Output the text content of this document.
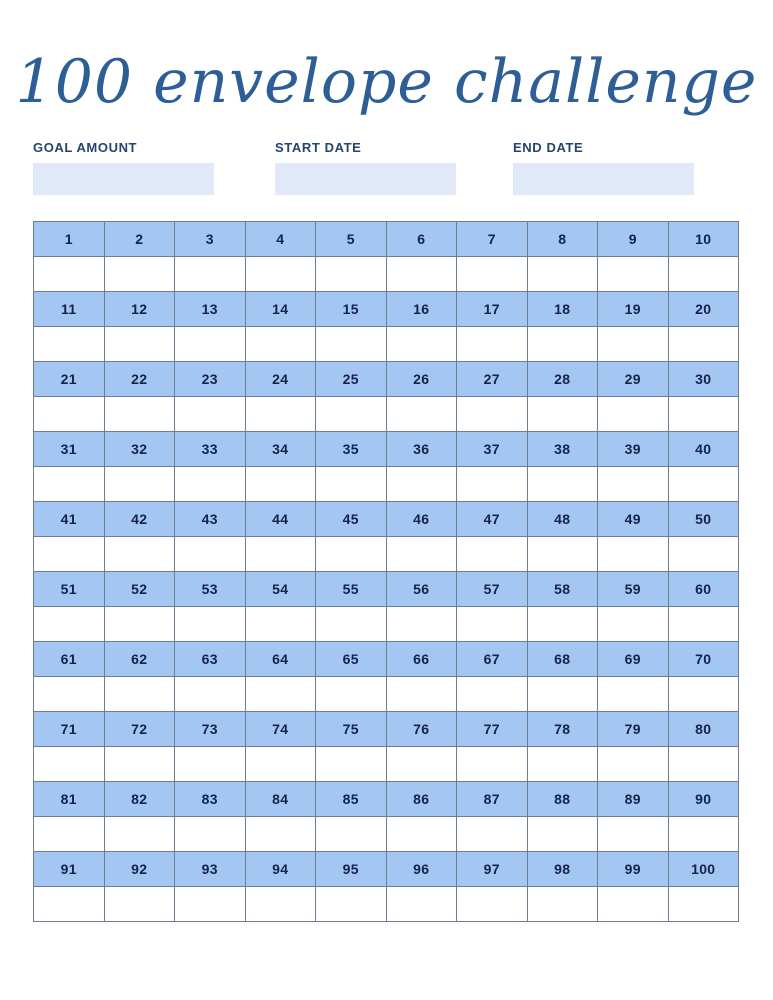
100 envelope challenge
GOAL AMOUNT	START DATE	END DATE
1	2	3	4	5	6	7	8	9	10

11	12	13	14	15	16	17	18	19	20

21	22	23	24	25	26	27	28	29	30

31	32	33	34	35	36	37	38	39	40

41	42	43	44	45	46	47	48	49	50

51	52	53	54	55	56	57	58	59	60

61	62	63	64	65	66	67	68	69	70

71	72	73	74	75	76	77	78	79	80

81	82	83	84	85	86	87	88	89	90

91	92	93	94	95	96	97	98	99	100
